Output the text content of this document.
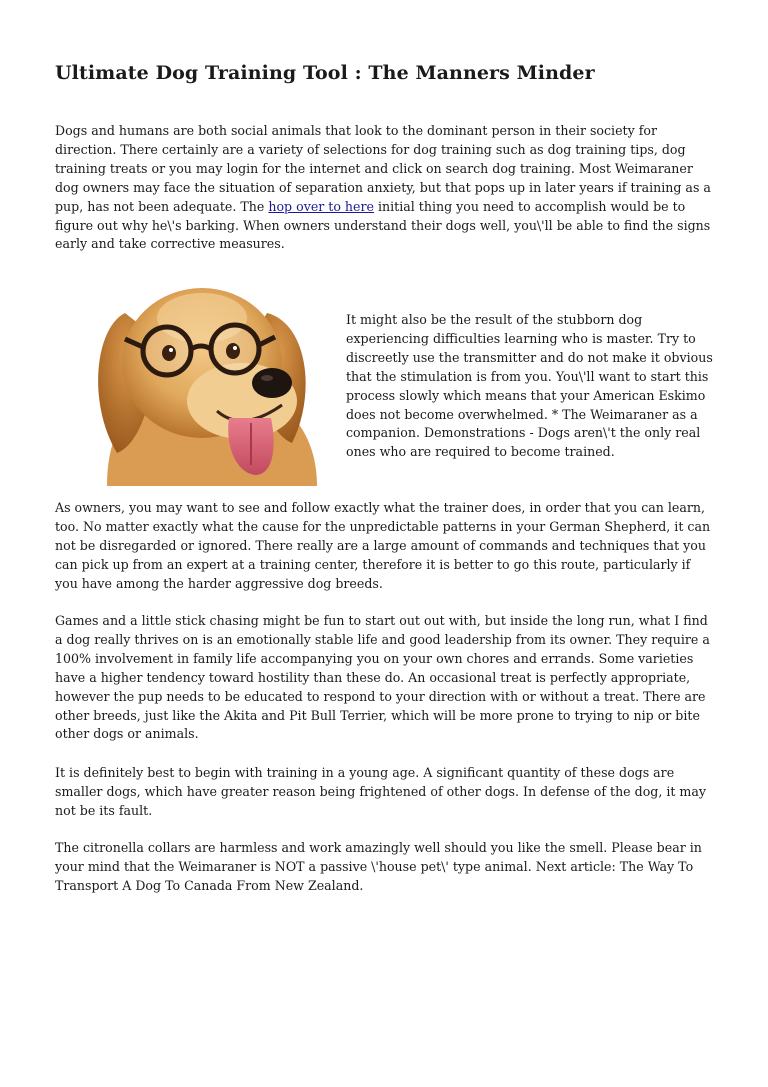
Ultimate Dog Training Tool : The Manners Minder

Dogs and humans are both social animals that look to the dominant person in their society for direction. There certainly are a variety of selections for dog training such as dog training tips, dog training treats or you may login for the internet and click on search dog training. Most Weimaraner dog owners may face the situation of separation anxiety, but that pops up in later years if training as a pup, has not been adequate. The hop over to here initial thing you need to accomplish would be to figure out why he\'s barking. When owners understand their dogs well, you\'ll be able to find the signs early and take corrective measures.

It might also be the result of the stubborn dog experiencing difficulties learning who is master. Try to discreetly use the transmitter and do not make it obvious that the stimulation is from you. You\'ll want to start this process slowly which means that your American Eskimo does not become overwhelmed. * The Weimaraner as a companion. Demonstrations - Dogs aren\'t the only real ones who are required to become trained.

As owners, you may want to see and follow exactly what the trainer does, in order that you can learn, too. No matter exactly what the cause for the unpredictable patterns in your German Shepherd, it can not be disregarded or ignored. There really are a large amount of commands and techniques that you can pick up from an expert at a training center, therefore it is better to go this route, particularly if you have among the harder aggressive dog breeds.

Games and a little stick chasing might be fun to start out out with, but inside the long run, what I find a dog really thrives on is an emotionally stable life and good leadership from its owner. They require a 100% involvement in family life accompanying you on your own chores and errands. Some varieties have a higher tendency toward hostility than these do. An occasional treat is perfectly appropriate, however the pup needs to be educated to respond to your direction with or without a treat. There are other breeds, just like the Akita and Pit Bull Terrier, which will be more prone to trying to nip or bite other dogs or animals.

It is definitely best to begin with training in a young age. A significant quantity of these dogs are smaller dogs, which have greater reason being frightened of other dogs. In defense of the dog, it may not be its fault.

The citronella collars are harmless and work amazingly well should you like the smell. Please bear in your mind that the Weimaraner is NOT a passive \'house pet\' type animal. Next article: The Way To Transport A Dog To Canada From New Zealand.
